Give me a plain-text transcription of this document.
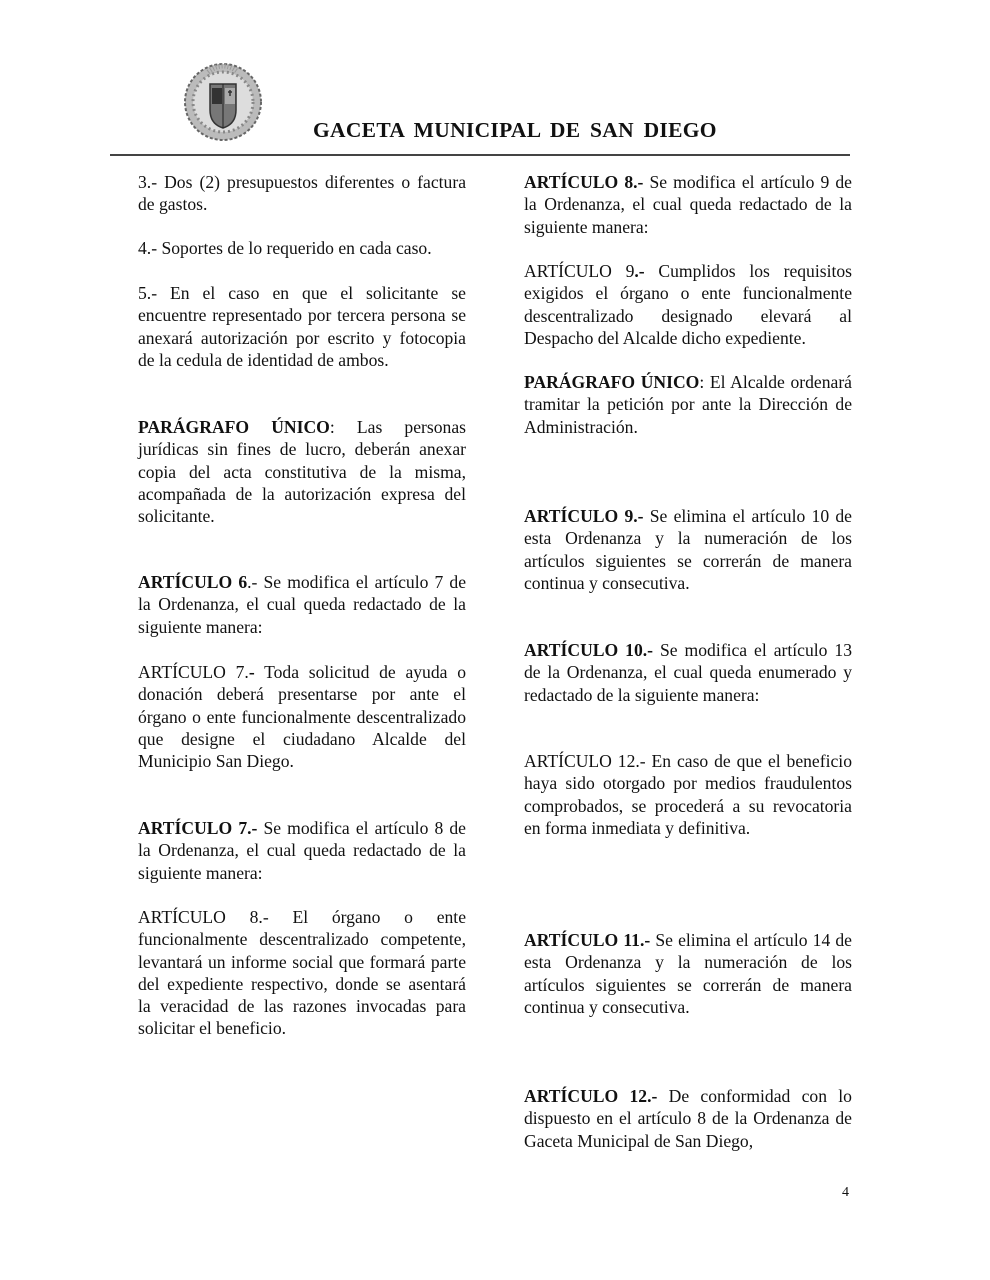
GACETA MUNICIPAL DE SAN DIEGO
3.- Dos (2) presupuestos diferentes o factura de gastos.
4.- Soportes de lo requerido en cada caso.
5.- En el caso en que el solicitante se encuentre representado por tercera persona se anexará autorización por escrito y fotocopia de la cedula de identidad de ambos.
PARÁGRAFO ÚNICO: Las personas jurídicas sin fines de lucro, deberán anexar copia del acta constitutiva de la misma, acompañada de la autorización expresa del solicitante.
ARTÍCULO 6.- Se modifica el artículo 7 de la Ordenanza, el cual queda redactado de la siguiente manera:
ARTÍCULO 7.- Toda solicitud de ayuda o donación deberá presentarse por ante el órgano o ente funcionalmente descentralizado que designe el ciudadano Alcalde del Municipio San Diego.
ARTÍCULO 7.- Se modifica el artículo 8 de la Ordenanza, el cual queda redactado de la siguiente manera:
ARTÍCULO 8.- El órgano o ente funcionalmente descentralizado competente, levantará un informe social que formará parte del expediente respectivo, donde se asentará la veracidad de las razones invocadas para solicitar el beneficio.
ARTÍCULO 8.- Se modifica el artículo 9 de la Ordenanza, el cual queda redactado de la siguiente manera:
ARTÍCULO 9.- Cumplidos los requisitos exigidos el órgano o ente funcionalmente descentralizado designado elevará al Despacho del Alcalde dicho expediente.
PARÁGRAFO ÚNICO: El Alcalde ordenará tramitar la petición por ante la Dirección de Administración.
ARTÍCULO 9.- Se elimina el artículo 10 de esta Ordenanza y la numeración de los artículos siguientes se correrán de manera continua y consecutiva.
ARTÍCULO 10.- Se modifica el artículo 13 de la Ordenanza, el cual queda enumerado y redactado de la siguiente manera:
ARTÍCULO 12.- En caso de que el beneficio haya sido otorgado por medios fraudulentos comprobados, se procederá a su revocatoria en forma inmediata y definitiva.
ARTÍCULO 11.- Se elimina el artículo 14 de esta Ordenanza y la numeración de los artículos siguientes se correrán de manera continua y consecutiva.
ARTÍCULO 12.- De conformidad con lo dispuesto en el artículo 8 de la Ordenanza de Gaceta Municipal de San Diego,
4
